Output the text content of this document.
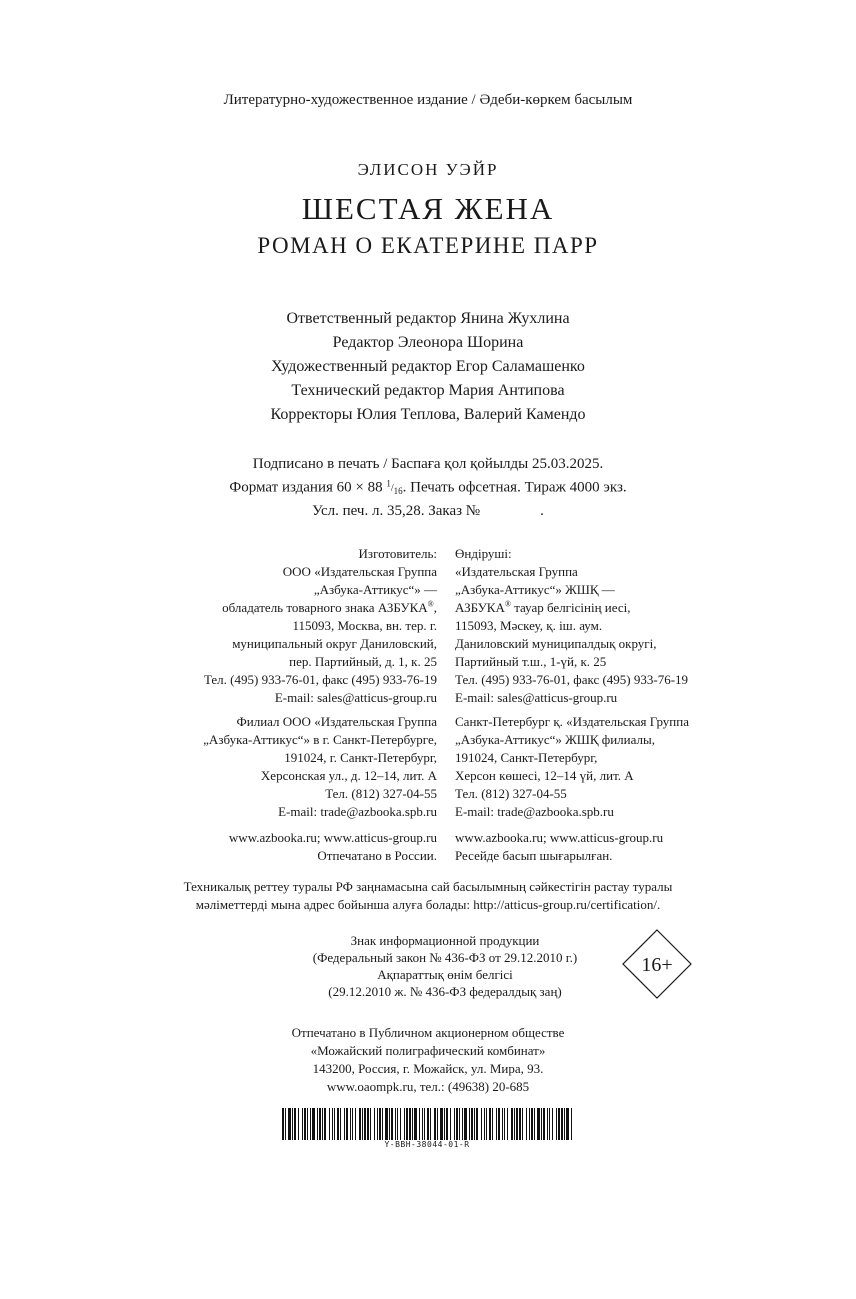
Литературно-художественное издание / Әдеби-көркем басылым
ЭЛИСОН УЭЙР
ШЕСТАЯ ЖЕНА
РОМАН О ЕКАТЕРИНЕ ПАРР
Ответственный редактор Янина Жухлина
Редактор Элеонора Шорина
Художественный редактор Егор Саламашенко
Технический редактор Мария Антипова
Корректоры Юлия Теплова, Валерий Камендо
Подписано в печать / Баспаға қол қойылды 25.03.2025.
Формат издания 60 × 88 $^1/_{16}$. Печать офсетная. Тираж 4000 экз.
Усл. печ. л. 35,28. Заказ №                .
Изготовитель:
ООО «Издательская Группа
„Азбука-Аттикус“» —
обладатель товарного знака АЗБУКА®,
115093, Москва, вн. тер. г.
муниципальный округ Даниловский,
пер. Партийный, д. 1, к. 25
Тел. (495) 933-76-01, факс (495) 933-76-19
E-mail: sales@atticus-group.ru
Филиал ООО «Издательская Группа
„Азбука-Аттикус“» в г. Санкт-Петербурге,
191024, г. Санкт-Петербург,
Херсонская ул., д. 12–14, лит. А
Тел. (812) 327-04-55
E-mail: trade@azbooka.spb.ru
www.azbooka.ru; www.atticus-group.ru
Отпечатано в России.
Өндіруші:
«Издательская Группа
„Азбука-Аттикус“» ЖШҚ —
АЗБУКА® тауар белгісінің иесі,
115093, Мәскеу, қ. іш. аум.
Даниловский муниципалдық округі,
Партийный т.ш., 1-үй, к. 25
Тел. (495) 933-76-01, факс (495) 933-76-19
E-mail: sales@atticus-group.ru
Санкт-Петербург қ. «Издательская Группа
„Азбука-Аттикус“» ЖШҚ филиалы,
191024, Санкт-Петербург,
Херсон көшесі, 12–14 үй, лит. А
Тел. (812) 327-04-55
E-mail: trade@azbooka.spb.ru
www.azbooka.ru; www.atticus-group.ru
Ресейде басып шығарылған.
Техникалық реттеу туралы РФ заңнамасына сай басылымның сәйкестігін растау туралы
мәліметтерді мына адрес бойынша алуға болады: http://atticus-group.ru/certification/.
Знак информационной продукции
(Федеральный закон № 436-ФЗ от 29.12.2010 г.)
Ақпараттық өнім белгісі
(29.12.2010 ж. № 436-ФЗ федералдық заң)
16+
Отпечатано в Публичном акционерном обществе
«Можайский полиграфический комбинат»
143200, Россия, г. Можайск, ул. Мира, 93.
www.oaompk.ru, тел.: (49638) 20-685
Y-BBH-38044-01-R
